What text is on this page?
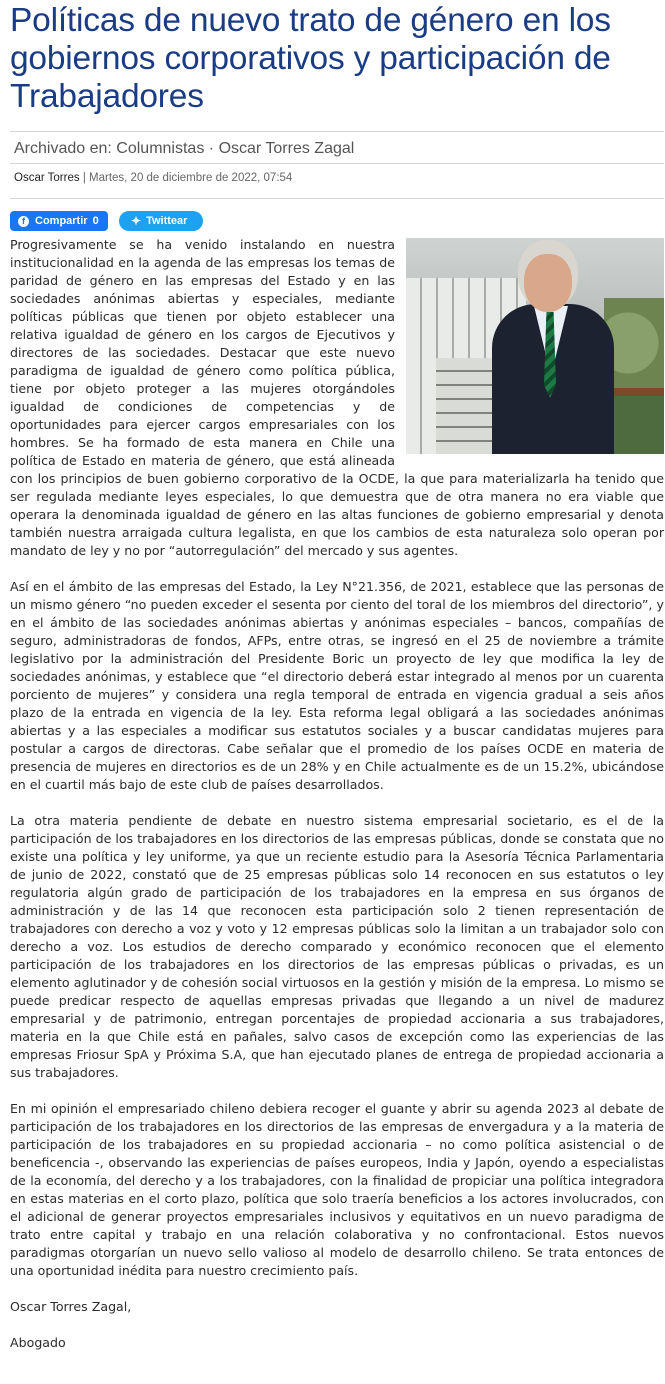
Políticas de nuevo trato de género en los gobiernos corporativos y participación de Trabajadores
Archivado en: Columnistas · Oscar Torres Zagal
Oscar Torres | Martes, 20 de diciembre de 2022, 07:54
f Compartir 0	✦ Twittear

Progresivamente se ha venido instalando en nuestra institucionalidad en la agenda de las empresas los temas de paridad de género en las empresas del Estado y en las sociedades anónimas abiertas y especiales, mediante políticas públicas que tienen por objeto establecer una relativa igualdad de género en los cargos de Ejecutivos y directores de las sociedades. Destacar que este nuevo paradigma de igualdad de género como política pública, tiene por objeto proteger a las mujeres otorgándoles igualdad de condiciones de competencias y de oportunidades para ejercer cargos empresariales con los hombres. Se ha formado de esta manera en Chile una política de Estado en materia de género, que está alineada con los principios de buen gobierno corporativo de la OCDE, la que para materializarla ha tenido que ser regulada mediante leyes especiales, lo que demuestra que de otra manera no era viable que operara la denominada igualdad de género en las altas funciones de gobierno empresarial y denota también nuestra arraigada cultura legalista, en que los cambios de esta naturaleza solo operan por mandato de ley y no por “autorregulación” del mercado y sus agentes.

Así en el ámbito de las empresas del Estado, la Ley N°21.356, de 2021, establece que las personas de un mismo género “no pueden exceder el sesenta por ciento del toral de los miembros del directorio”, y en el ámbito de las sociedades anónimas abiertas y anónimas especiales – bancos, compañías de seguro, administradoras de fondos, AFPs, entre otras, se ingresó en el 25 de noviembre a trámite legislativo por la administración del Presidente Boric un proyecto de ley que modifica la ley de sociedades anónimas, y establece que “el directorio deberá estar integrado al menos por un cuarenta porciento de mujeres” y considera una regla temporal de entrada en vigencia gradual a seis años plazo de la entrada en vigencia de la ley. Esta reforma legal obligará a las sociedades anónimas abiertas y a las especiales a modificar sus estatutos sociales y a buscar candidatas mujeres para postular a cargos de directoras. Cabe señalar que el promedio de los países OCDE en materia de presencia de mujeres en directorios es de un 28% y en Chile actualmente es de un 15.2%, ubicándose en el cuartil más bajo de este club de países desarrollados.

La otra materia pendiente de debate en nuestro sistema empresarial societario, es el de la participación de los trabajadores en los directorios de las empresas públicas, donde se constata que no existe una política y ley uniforme, ya que un reciente estudio para la Asesoría Técnica Parlamentaria de junio de 2022, constató que de 25 empresas públicas solo 14 reconocen en sus estatutos o ley regulatoria algún grado de participación de los trabajadores en la empresa en sus órganos de administración y de las 14 que reconocen esta participación solo 2 tienen representación de trabajadores con derecho a voz y voto y 12 empresas públicas solo la limitan a un trabajador solo con derecho a voz. Los estudios de derecho comparado y económico reconocen que el elemento participación de los trabajadores en los directorios de las empresas públicas o privadas, es un elemento aglutinador y de cohesión social virtuosos en la gestión y misión de la empresa. Lo mismo se puede predicar respecto de aquellas empresas privadas que llegando a un nivel de madurez empresarial y de patrimonio, entregan porcentajes de propiedad accionaria a sus trabajadores, materia en la que Chile está en pañales, salvo casos de excepción como las experiencias de las empresas Friosur SpA y Próxima S.A, que han ejecutado planes de entrega de propiedad accionaria a sus trabajadores.

En mi opinión el empresariado chileno debiera recoger el guante y abrir su agenda 2023 al debate de participación de los trabajadores en los directorios de las empresas de envergadura y a la materia de participación de los trabajadores en su propiedad accionaria – no como política asistencial o de beneficencia -, observando las experiencias de países europeos, India y Japón, oyendo a especialistas de la economía, del derecho y a los trabajadores, con la finalidad de propiciar una política integradora en estas materias en el corto plazo, política que solo traería beneficios a los actores involucrados, con el adicional de generar proyectos empresariales inclusivos y equitativos en un nuevo paradigma de trato entre capital y trabajo en una relación colaborativa y no confrontacional. Estos nuevos paradigmas otorgarían un nuevo sello valioso al modelo de desarrollo chileno. Se trata entonces de una oportunidad inédita para nuestro crecimiento país.

Oscar Torres Zagal,

Abogado
